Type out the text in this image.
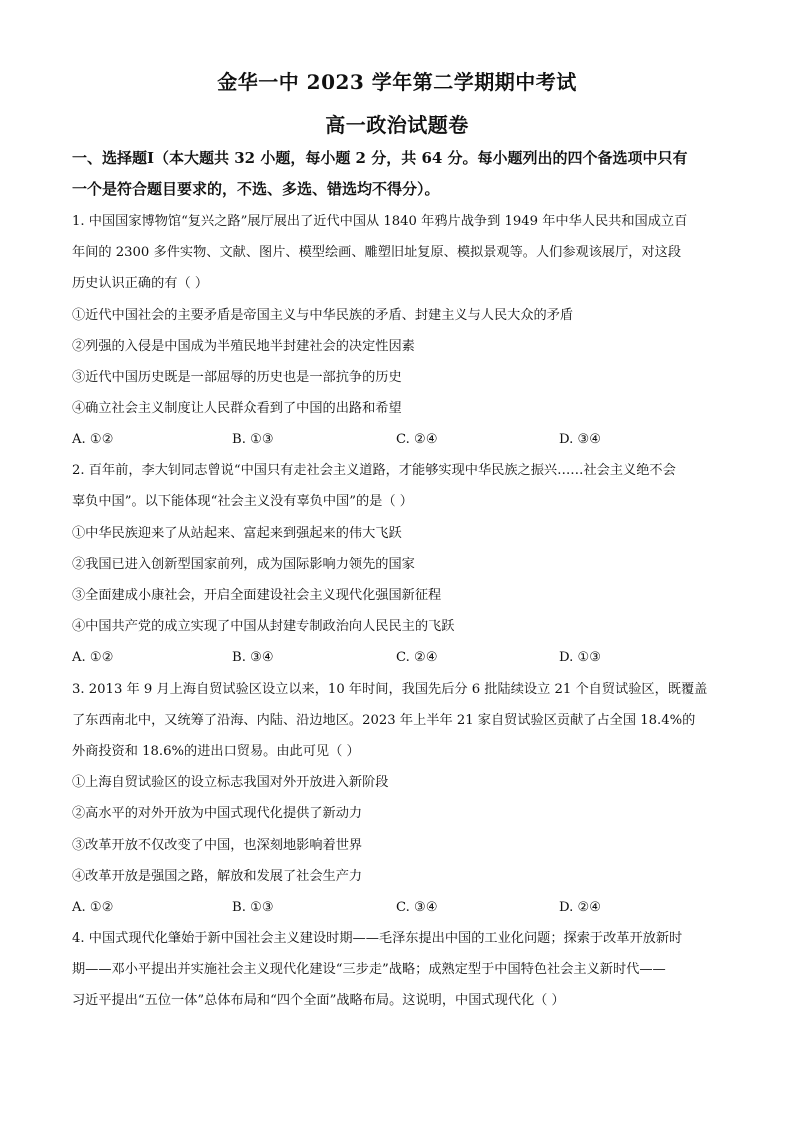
金华一中 2023 学年第二学期期中考试
高一政治试题卷
一、选择题Ⅰ（本大题共 32 小题，每小题 2 分，共 64 分。每小题列出的四个备选项中只有
一个是符合题目要求的，不选、多选、错选均不得分）。
1. 中国国家博物馆“复兴之路”展厅展出了近代中国从 1840 年鸦片战争到 1949 年中华人民共和国成立百
年间的 2300 多件实物、文献、图片、模型绘画、雕塑旧址复原、模拟景观等。人们参观该展厅，对这段
历史认识正确的有（ ）
①近代中国社会的主要矛盾是帝国主义与中华民族的矛盾、封建主义与人民大众的矛盾
②列强的入侵是中国成为半殖民地半封建社会的决定性因素
③近代中国历史既是一部屈辱的历史也是一部抗争的历史
④确立社会主义制度让人民群众看到了中国的出路和希望
A. ①②	B. ①③	C. ②④	D. ③④
2. 百年前，李大钊同志曾说“中国只有走社会主义道路，才能够实现中华民族之振兴……社会主义绝不会
辜负中国”。以下能体现“社会主义没有辜负中国”的是（ ）
①中华民族迎来了从站起来、富起来到强起来的伟大飞跃
②我国已进入创新型国家前列，成为国际影响力领先的国家
③全面建成小康社会，开启全面建设社会主义现代化强国新征程
④中国共产党的成立实现了中国从封建专制政治向人民民主的飞跃
A. ①②	B. ③④	C. ②④	D. ①③
3. 2013 年 9 月上海自贸试验区设立以来，10 年时间，我国先后分 6 批陆续设立 21 个自贸试验区，既覆盖
了东西南北中，又统筹了沿海、内陆、沿边地区。2023 年上半年 21 家自贸试验区贡献了占全国 18.4%的
外商投资和 18.6%的进出口贸易。由此可见（ ）
①上海自贸试验区的设立标志我国对外开放进入新阶段
②高水平的对外开放为中国式现代化提供了新动力
③改革开放不仅改变了中国，也深刻地影响着世界
④改革开放是强国之路，解放和发展了社会生产力
A. ①②	B. ①③	C. ③④	D. ②④
4. 中国式现代化肇始于新中国社会主义建设时期——毛泽东提出中国的工业化问题；探索于改革开放新时
期——邓小平提出并实施社会主义现代化建设“三步走”战略；成熟定型于中国特色社会主义新时代——
习近平提出“五位一体”总体布局和“四个全面”战略布局。这说明，中国式现代化（ ）
